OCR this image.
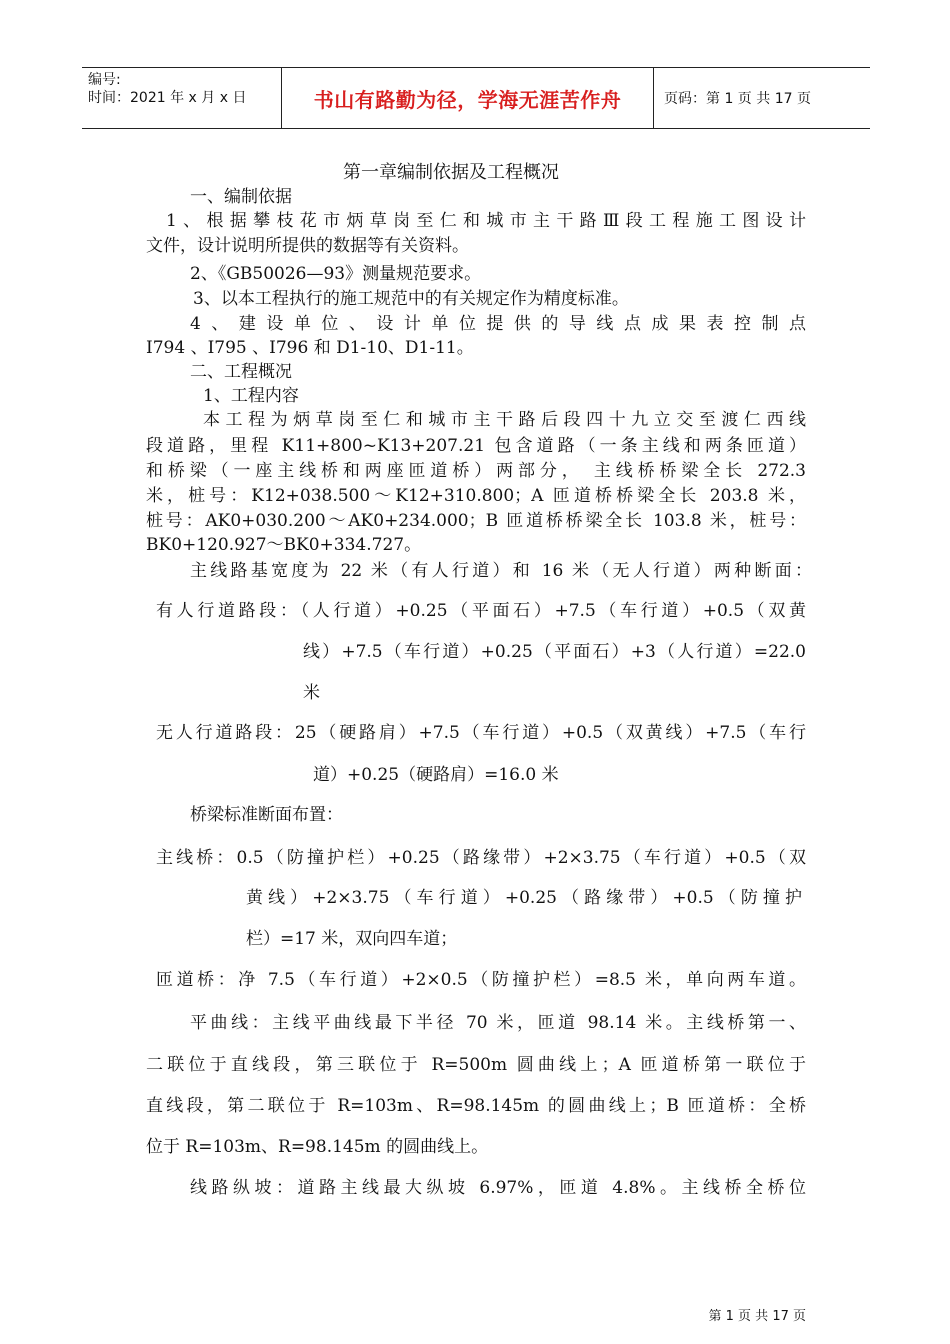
编号:
时间：2021 年 x 月 x 日	书山有路勤为径，学海无涯苦作舟	页码：第 1 页 共 17 页
第一章编制依据及工程概况
一、编制依据
1、根据攀枝花市炳草岗至仁和城市主干路Ⅲ段工程施工图设计
文件，设计说明所提供的数据等有关资料。
2、《GB50026—93》测量规范要求。
3、以本工程执行的施工规范中的有关规定作为精度标准。
4、建设单位、设计单位提供的导线点成果表控制点
I794 、I795 、I796 和 D1-10、D1-11。
二、工程概况
1、工程内容
本工程为炳草岗至仁和城市主干路后段四十九立交至渡仁西线
段道路，里程 K11+800~K13+207.21 包含道路（一条主线和两条匝道）
和桥梁（一座主线桥和两座匝道桥）两部分， 主线桥桥梁全长 272.3
米，桩号：K12+038.500～K12+310.800；A 匝道桥桥梁全长 203.8 米，
桩号：AK0+030.200～AK0+234.000；B 匝道桥桥梁全长 103.8 米，桩号：
BK0+120.927～BK0+334.727。
主线路基宽度为 22 米（有人行道）和 16 米（无人行道）两种断面：
有人行道路段：（人行道）+0.25（平面石）+7.5（车行道）+0.5（双黄
线）+7.5（车行道）+0.25（平面石）+3（人行道）=22.0
米
无人行道路段：25（硬路肩）+7.5（车行道）+0.5（双黄线）+7.5（车行
道）+0.25（硬路肩）=16.0 米
桥梁标准断面布置：
主线桥：0.5（防撞护栏）+0.25（路缘带）+2×3.75（车行道）+0.5（双
黄线）+2×3.75（车行道）+0.25（路缘带）+0.5（防撞护
栏）=17 米，双向四车道；
匝道桥：净 7.5（车行道）+2×0.5（防撞护栏）=8.5 米，单向两车道。
平曲线：主线平曲线最下半径 70 米，匝道 98.14 米。主线桥第一、
二联位于直线段，第三联位于 R=500m 圆曲线上；A 匝道桥第一联位于
直线段，第二联位于 R=103m、R=98.145m 的圆曲线上；B 匝道桥：全桥
位于 R=103m、R=98.145m 的圆曲线上。
线路纵坡：道路主线最大纵坡 6.97%，匝道 4.8%。主线桥全桥位
第 1 页 共 17 页
